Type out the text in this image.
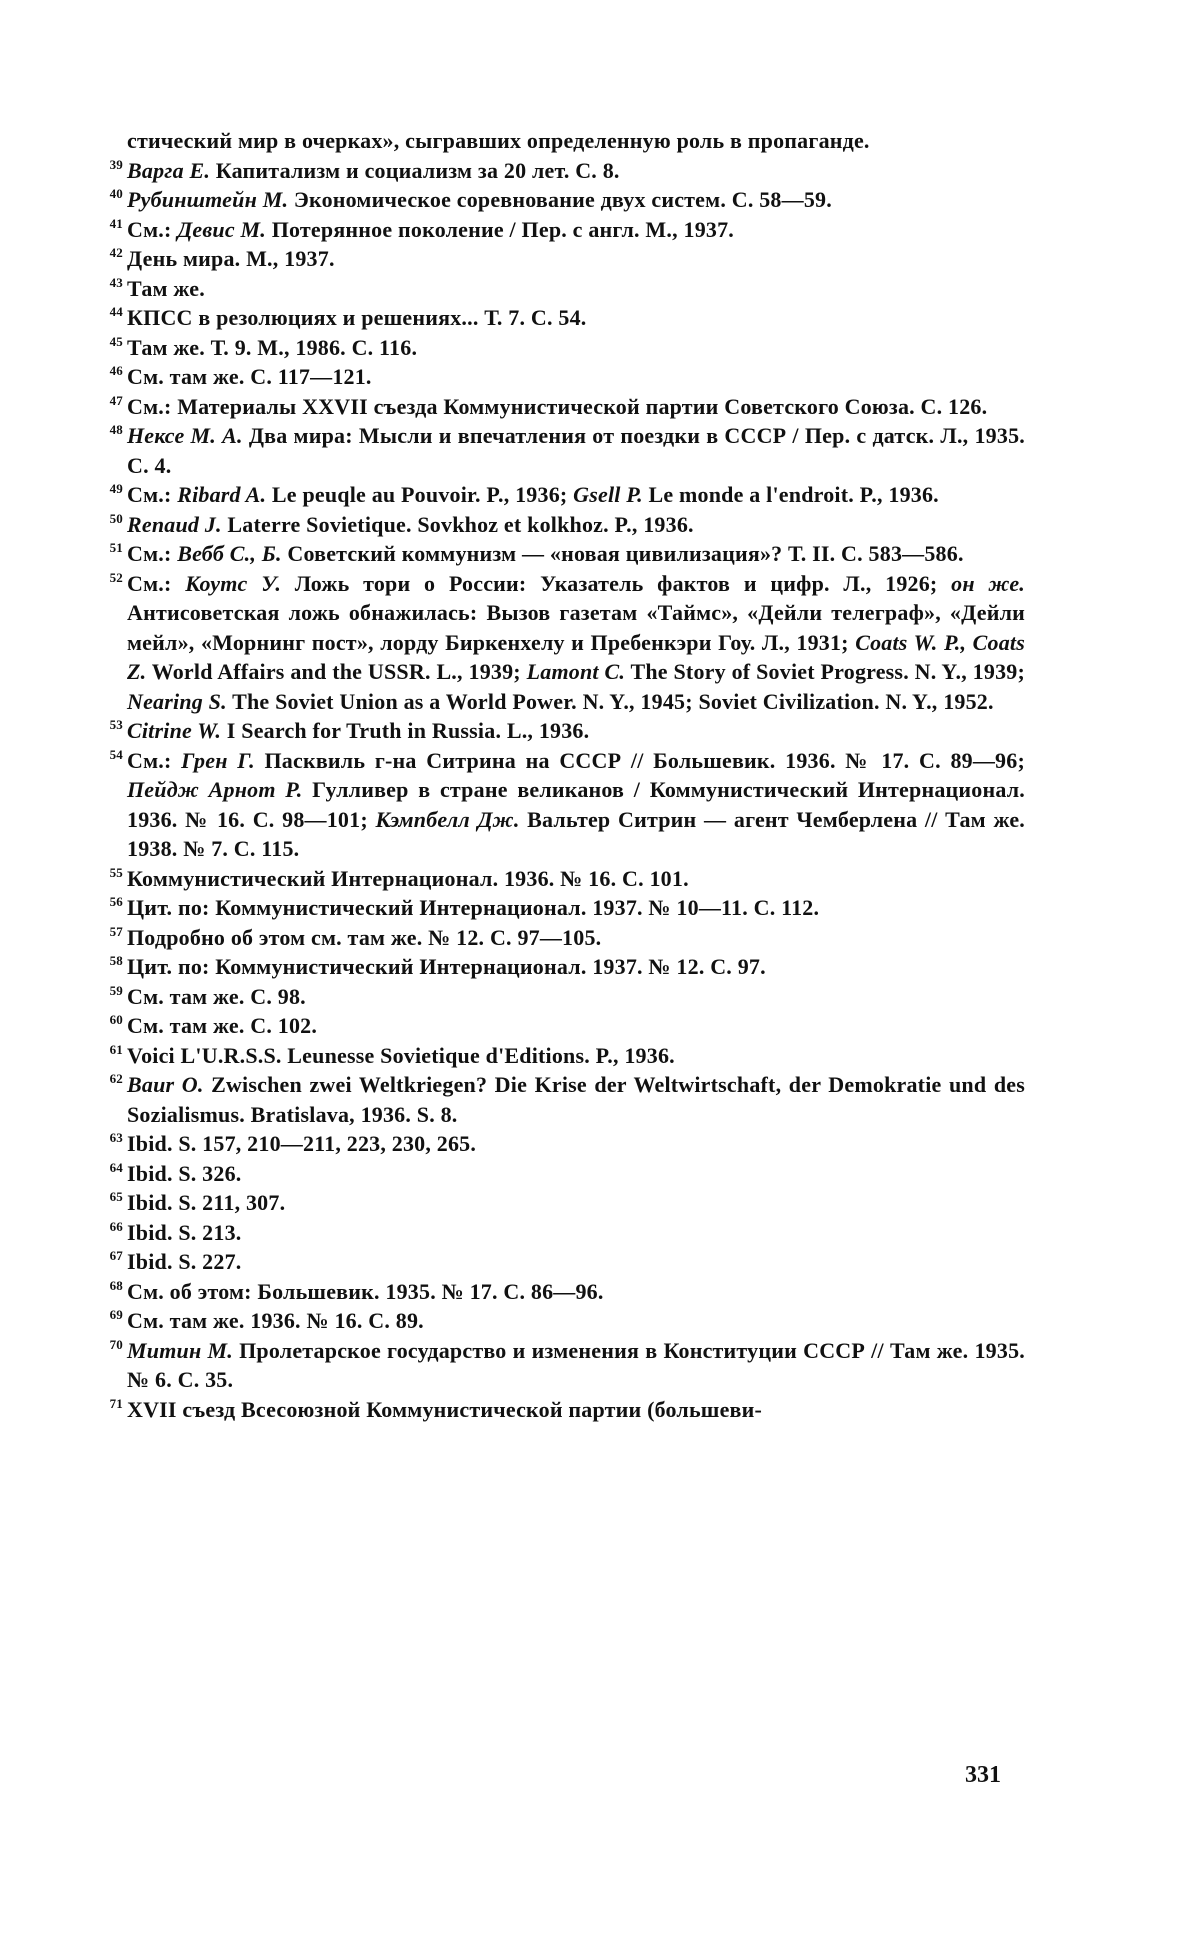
стический мир в очерках», сыгравших определенную роль в пропаганде.
39 Варга Е. Капитализм и социализм за 20 лет. С. 8.
40 Рубинштейн М. Экономическое соревнование двух систем. С. 58—59.
41 См.: Девис М. Потерянное поколение / Пер. с англ. М., 1937.
42 День мира. М., 1937.
43 Там же.
44 КПСС в резолюциях и решениях... Т. 7. С. 54.
45 Там же. Т. 9. М., 1986. С. 116.
46 См. там же. С. 117—121.
47 См.: Материалы XXVII съезда Коммунистической партии Советского Союза. С. 126.
48 Нексе М. А. Два мира: Мысли и впечатления от поездки в СССР / Пер. с датск. Л., 1935. С. 4.
49 См.: Ribard A. Le peuqle au Pouvoir. P., 1936; Gsell P. Le monde a l'endroit. P., 1936.
50 Renaud J. Laterre Sovietique. Sovkhoz et kolkhoz. P., 1936.
51 См.: Вебб С., Б. Советский коммунизм — «новая цивилизация»? Т. II. С. 583—586.
52 См.: Коутс У. Ложь тори о России: Указатель фактов и цифр. Л., 1926; он же. Антисоветская ложь обнажилась: Вызов газетам «Таймс», «Дейли телеграф», «Дейли мейл», «Морнинг пост», лорду Биркенхелу и Пребенкэри Гоу. Л., 1931; Coats W. P., Coats Z. World Affairs and the USSR. L., 1939; Lamont C. The Story of Soviet Progress. N. Y., 1939; Nearing S. The Soviet Union as a World Power. N. Y., 1945; Soviet Civilization. N. Y., 1952.
53 Citrine W. I Search for Truth in Russia. L., 1936.
54 См.: Грен Г. Пасквиль г-на Ситрина на СССР // Большевик. 1936. № 17. С. 89—96; Пейдж Арнот Р. Гулливер в стране великанов / Коммунистический Интернационал. 1936. № 16. С. 98—101; Кэмпбелл Дж. Вальтер Ситрин — агент Чемберлена // Там же. 1938. № 7. С. 115.
55 Коммунистический Интернационал. 1936. № 16. С. 101.
56 Цит. по: Коммунистический Интернационал. 1937. № 10—11. С. 112.
57 Подробно об этом см. там же. № 12. С. 97—105.
58 Цит. по: Коммунистический Интернационал. 1937. № 12. С. 97.
59 См. там же. С. 98.
60 См. там же. С. 102.
61 Voici L'U.R.S.S. Leunesse Sovietique d'Editions. P., 1936.
62 Baur O. Zwischen zwei Weltkriegen? Die Krise der Weltwirtschaft, der Demokratie und des Sozialismus. Bratislava, 1936. S. 8.
63 Ibid. S. 157, 210—211, 223, 230, 265.
64 Ibid. S. 326.
65 Ibid. S. 211, 307.
66 Ibid. S. 213.
67 Ibid. S. 227.
68 См. об этом: Большевик. 1935. № 17. С. 86—96.
69 См. там же. 1936. № 16. С. 89.
70 Митин М. Пролетарское государство и изменения в Конституции СССР // Там же. 1935. № 6. С. 35.
71 XVII съезд Всесоюзной Коммунистической партии (большеви-
331
